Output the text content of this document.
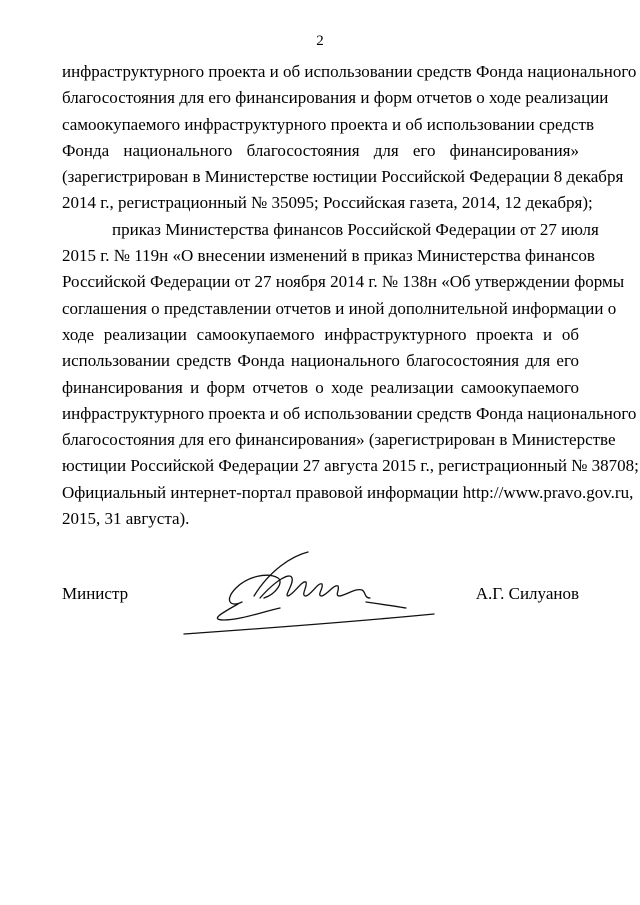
2
инфраструктурного проекта и об использовании средств Фонда национального
благосостояния для его финансирования и форм отчетов о ходе реализации
самоокупаемого инфраструктурного проекта и об использовании средств
Фонда национального благосостояния для его финансирования»
(зарегистрирован в Министерстве юстиции Российской Федерации 8 декабря
2014 г., регистрационный № 35095; Российская газета, 2014, 12 декабря);
приказ Министерства финансов Российской Федерации от 27 июля
2015 г. № 119н «О внесении изменений в приказ Министерства финансов
Российской Федерации от 27 ноября 2014 г. № 138н «Об утверждении формы
соглашения о представлении отчетов и иной дополнительной информации о
ходе реализации самоокупаемого инфраструктурного проекта и об
использовании средств Фонда национального благосостояния для его
финансирования и форм отчетов о ходе реализации самоокупаемого
инфраструктурного проекта и об использовании средств Фонда национального
благосостояния для его финансирования» (зарегистрирован в Министерстве
юстиции Российской Федерации 27 августа 2015 г., регистрационный № 38708;
Официальный интернет-портал правовой информации http://www.pravo.gov.ru,
2015, 31 августа).
Министр	А.Г. Силуанов
